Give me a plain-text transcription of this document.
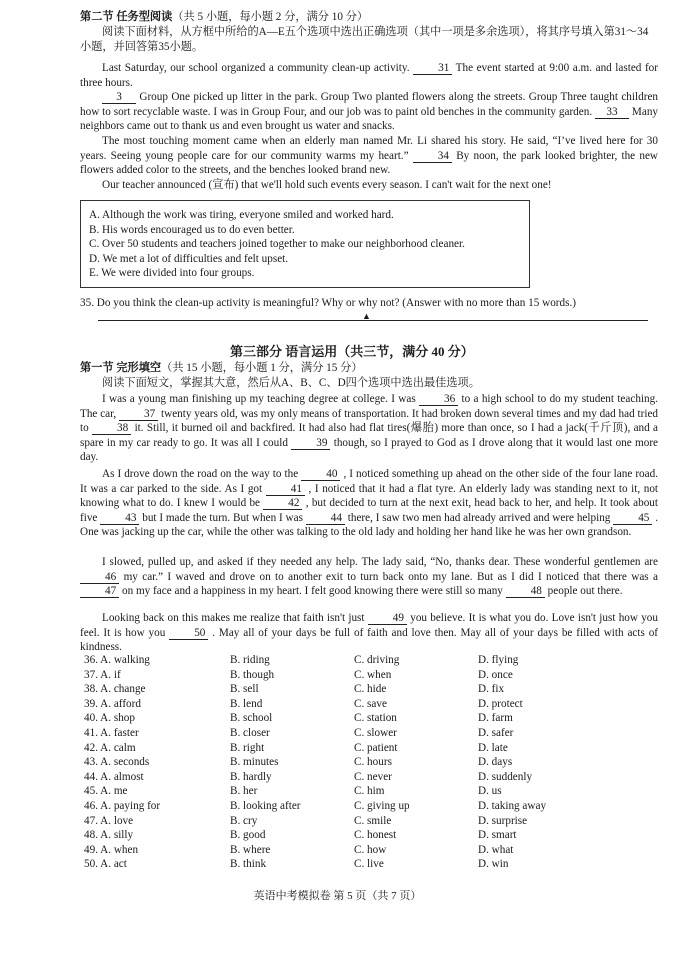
第二节 任务型阅读（共 5 小题，每小题 2 分，满分 10 分）
阅读下面材料，从方框中所给的A—E五个选项中选出正确选项（其中一项是多余选项），将其序号填入第31～34小题，并回答第35小题。
Last Saturday, our school organized a community clean-up activity.	31 The event started at 9:00 a.m. and lasted for three hours.
3 Group One picked up litter in the park. Group Two planted flowers along the streets. Group Three taught children how to sort recyclable waste. I was in Group Four, and our job was to paint old benches in the community garden. 33 Many neighbors came out to thank us and even brought us water and snacks.
The most touching moment came when an elderly man named Mr. Li shared his story. He said, “I’ve lived here for 30 years. Seeing young people care for our community warms my heart.”	34 By noon, the park looked brighter, the new flowers added color to the streets, and the benches looked brand new.
Our teacher announced (宣布) that we'll hold such events every season. I can't wait for the next one!
A. Although the work was tiring, everyone smiled and worked hard.
B. His words encouraged us to do even better.
C. Over 50 students and teachers joined together to make our neighborhood cleaner.
D. We met a lot of difficulties and felt upset.
E. We were divided into four groups.
35. Do you think the clean-up activity is meaningful? Why or why not? (Answer with no more than 15 words.)
▲
第三部分 语言运用（共三节，满分 40 分）
第一节 完形填空（共 15 小题，每小题 1 分，满分 15 分）
阅读下面短文，掌握其大意，然后从A、B、C、D四个选项中选出最佳选项。
I was a young man finishing up my teaching degree at college. I was	36 to a high school to do my student teaching. The car, 37 twenty years old, was my only means of transportation. It had broken down several times and my dad had tried to	38 it. Still, it burned oil and backfired. It had also had flat tires(爆胎) more than once, so I had a jack(千斤顶), and a spare in my car ready to go. It was all I could	39 though, so I prayed to God as I drove along that it would last one more day.
As I drove down the road on the way to the	40 , I noticed something up ahead on the other side of the four lane road. It was a car parked to the side. As I got	41 , I noticed that it had a flat tyre. An elderly lady was standing next to it, not knowing what to do. I knew I would be	42 , but decided to turn at the next exit, head back to her, and help. It took about five 43 but I made the turn. But when I was 44 there, I saw two men had already arrived and were helping 45 . One was jacking up the car, while the other was talking to the old lady and holding her hand like he was her own grandson.
I slowed, pulled up, and asked if they needed any help. The lady said, “No, thanks dear. These wonderful gentlemen are 46 my car.” I waved and drove on to another exit to turn back onto my lane. But as I did I noticed that there was a 47 on my face and a happiness in my heart. I felt good knowing there were still so many 48 people out there.
Looking back on this makes me realize that faith isn't just	49 you believe. It is what you do. Love isn't just how you feel. It is how you	50 . May all of your days be full of faith and love then. May all of your days be filled with acts of kindness.
36. A. walking	B. riding	C. driving	D. flying
37. A. if	B. though	C. when	D. once
38. A. change	B. sell	C. hide	D. fix
39. A. afford	B. lend	C. save	D. protect
40. A. shop	B. school	C. station	D. farm
41. A. faster	B. closer	C. slower	D. safer
42. A. calm	B. right	C. patient	D. late
43. A. seconds	B. minutes	C. hours	D. days
44. A. almost	B. hardly	C. never	D. suddenly
45. A. me	B. her	C. him	D. us
46. A. paying for	B. looking after	C. giving up	D. taking away
47. A. love	B. cry	C. smile	D. surprise
48. A. silly	B. good	C. honest	D. smart
49. A. when	B. where	C. how	D. what
50. A. act	B. think	C. live	D. win
英语中考模拟卷 第 5 页（共 7 页）
